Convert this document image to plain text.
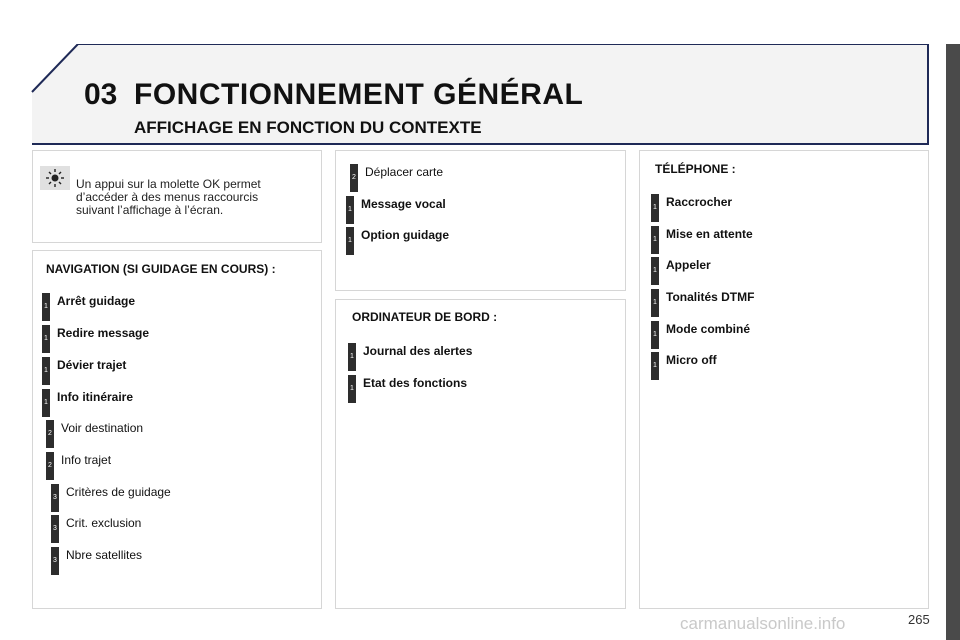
03 FONCTIONNEMENT GÉNÉRAL
AFFICHAGE EN FONCTION DU CONTEXTE
Un appui sur la molette OK permet d’accéder à des menus raccourcis suivant l’affichage à l’écran.
NAVIGATION (SI GUIDAGE EN COURS) :
1 Arrêt guidage
1 Redire message
1 Dévier trajet
1 Info itinéraire
2 Voir destination
2 Info trajet
3 Critères de guidage
3 Crit. exclusion
3 Nbre satellites
2 Déplacer carte
1 Message vocal
1 Option guidage
ORDINATEUR DE BORD :
1 Journal des alertes
1 Etat des fonctions
TÉLÉPHONE :
1 Raccrocher
1 Mise en attente
1 Appeler
1 Tonalités DTMF
1 Mode combiné
1 Micro off
carmanualsonline.info	265
